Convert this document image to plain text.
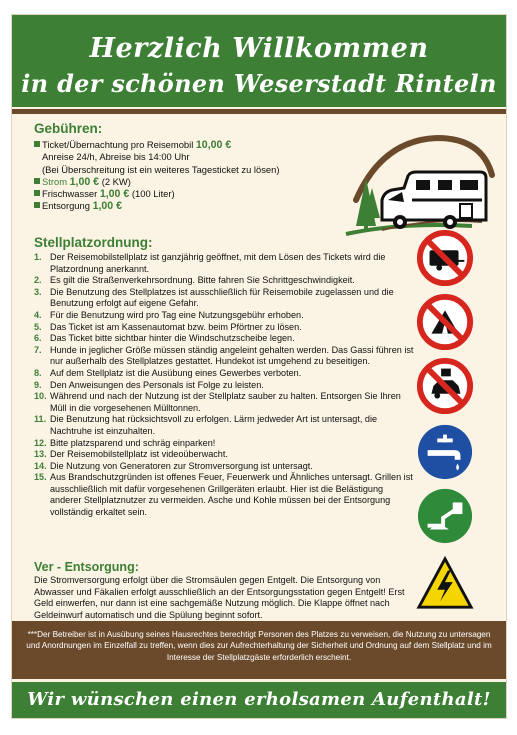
Herzlich Willkommen
in der schönen Weserstadt Rinteln
Gebühren:
Ticket/Übernachtung pro Reisemobil 10,00 €
Anreise 24/h, Abreise bis 14:00 Uhr
(Bei Überschreitung ist ein weiteres Tagesticket zu lösen)
Strom 1,00 € (2 KW)
Frischwasser 1,00 € (100 Liter)
Entsorgung 1,00 €
Stellplatzordnung:
1. Der Reisemobilstellplatz ist ganzjährig geöffnet, mit dem Lösen des Tickets wird die Platzordnung anerkannt.
2. Es gilt die Straßenverkehrsordnung. Bitte fahren Sie Schrittgeschwindigkeit.
3. Die Benutzung des Stellplatzes ist ausschließlich für Reisemobile zugelassen und die Benutzung erfolgt auf eigene Gefahr.
4. Für die Benutzung wird pro Tag eine Nutzungsgebühr erhoben.
5. Das Ticket ist am Kassenautomat bzw. beim Pförtner zu lösen.
6. Das Ticket bitte sichtbar hinter die Windschutzscheibe legen.
7. Hunde in jeglicher Größe müssen ständig angeleint gehalten werden. Das Gassi führen ist nur außerhalb des Stellplatzes gestattet. Hundekot ist umgehend zu beseitigen.
8. Auf dem Stellplatz ist die Ausübung eines Gewerbes verboten.
9. Den Anweisungen des Personals ist Folge zu leisten.
10. Während und nach der Nutzung ist der Stellplatz sauber zu halten. Entsorgen Sie Ihren Müll in die vorgesehenen Mülltonnen.
11. Die Benutzung hat rücksichtsvoll zu erfolgen. Lärm jedweder Art ist untersagt, die Nachtruhe ist einzuhalten.
12. Bitte platzsparend und schräg einparken!
13. Der Reisemobilstellplatz ist videoüberwacht.
14. Die Nutzung von Generatoren zur Stromversorgung ist untersagt.
15. Aus Brandschutzgründen ist offenes Feuer, Feuerwerk und Ähnliches untersagt. Grillen ist ausschließlich mit dafür vorgesehenen Grillgeräten erlaubt. Hier ist die Belästigung anderer Stellplatznutzer zu vermeiden. Asche und Kohle müssen bei der Entsorgung vollständig erkaltet sein.
Ver - Entsorgung:
Die Stromversorgung erfolgt über die Stromsäulen gegen Entgelt. Die Entsorgung von Abwasser und Fäkalien erfolgt ausschließlich an der Entsorgungsstation gegen Entgelt! Erst Geld einwerfen, nur dann ist eine sachgemäße Nutzung möglich. Die Klappe öffnet nach Geldeinwurf automatisch und die Spülung beginnt sofort.
***Der Betreiber ist in Ausübung seines Hausrechtes berechtigt Personen des Platzes zu verweisen, die Nutzung zu untersagen und Anordnungen im Einzelfall zu treffen, wenn dies zur Aufrechterhaltung der Sicherheit und Ordnung auf dem Stellplatz und im Interesse der Stellplatzgäste erforderlich erscheint.
Wir wünschen einen erholsamen Aufenthalt!
